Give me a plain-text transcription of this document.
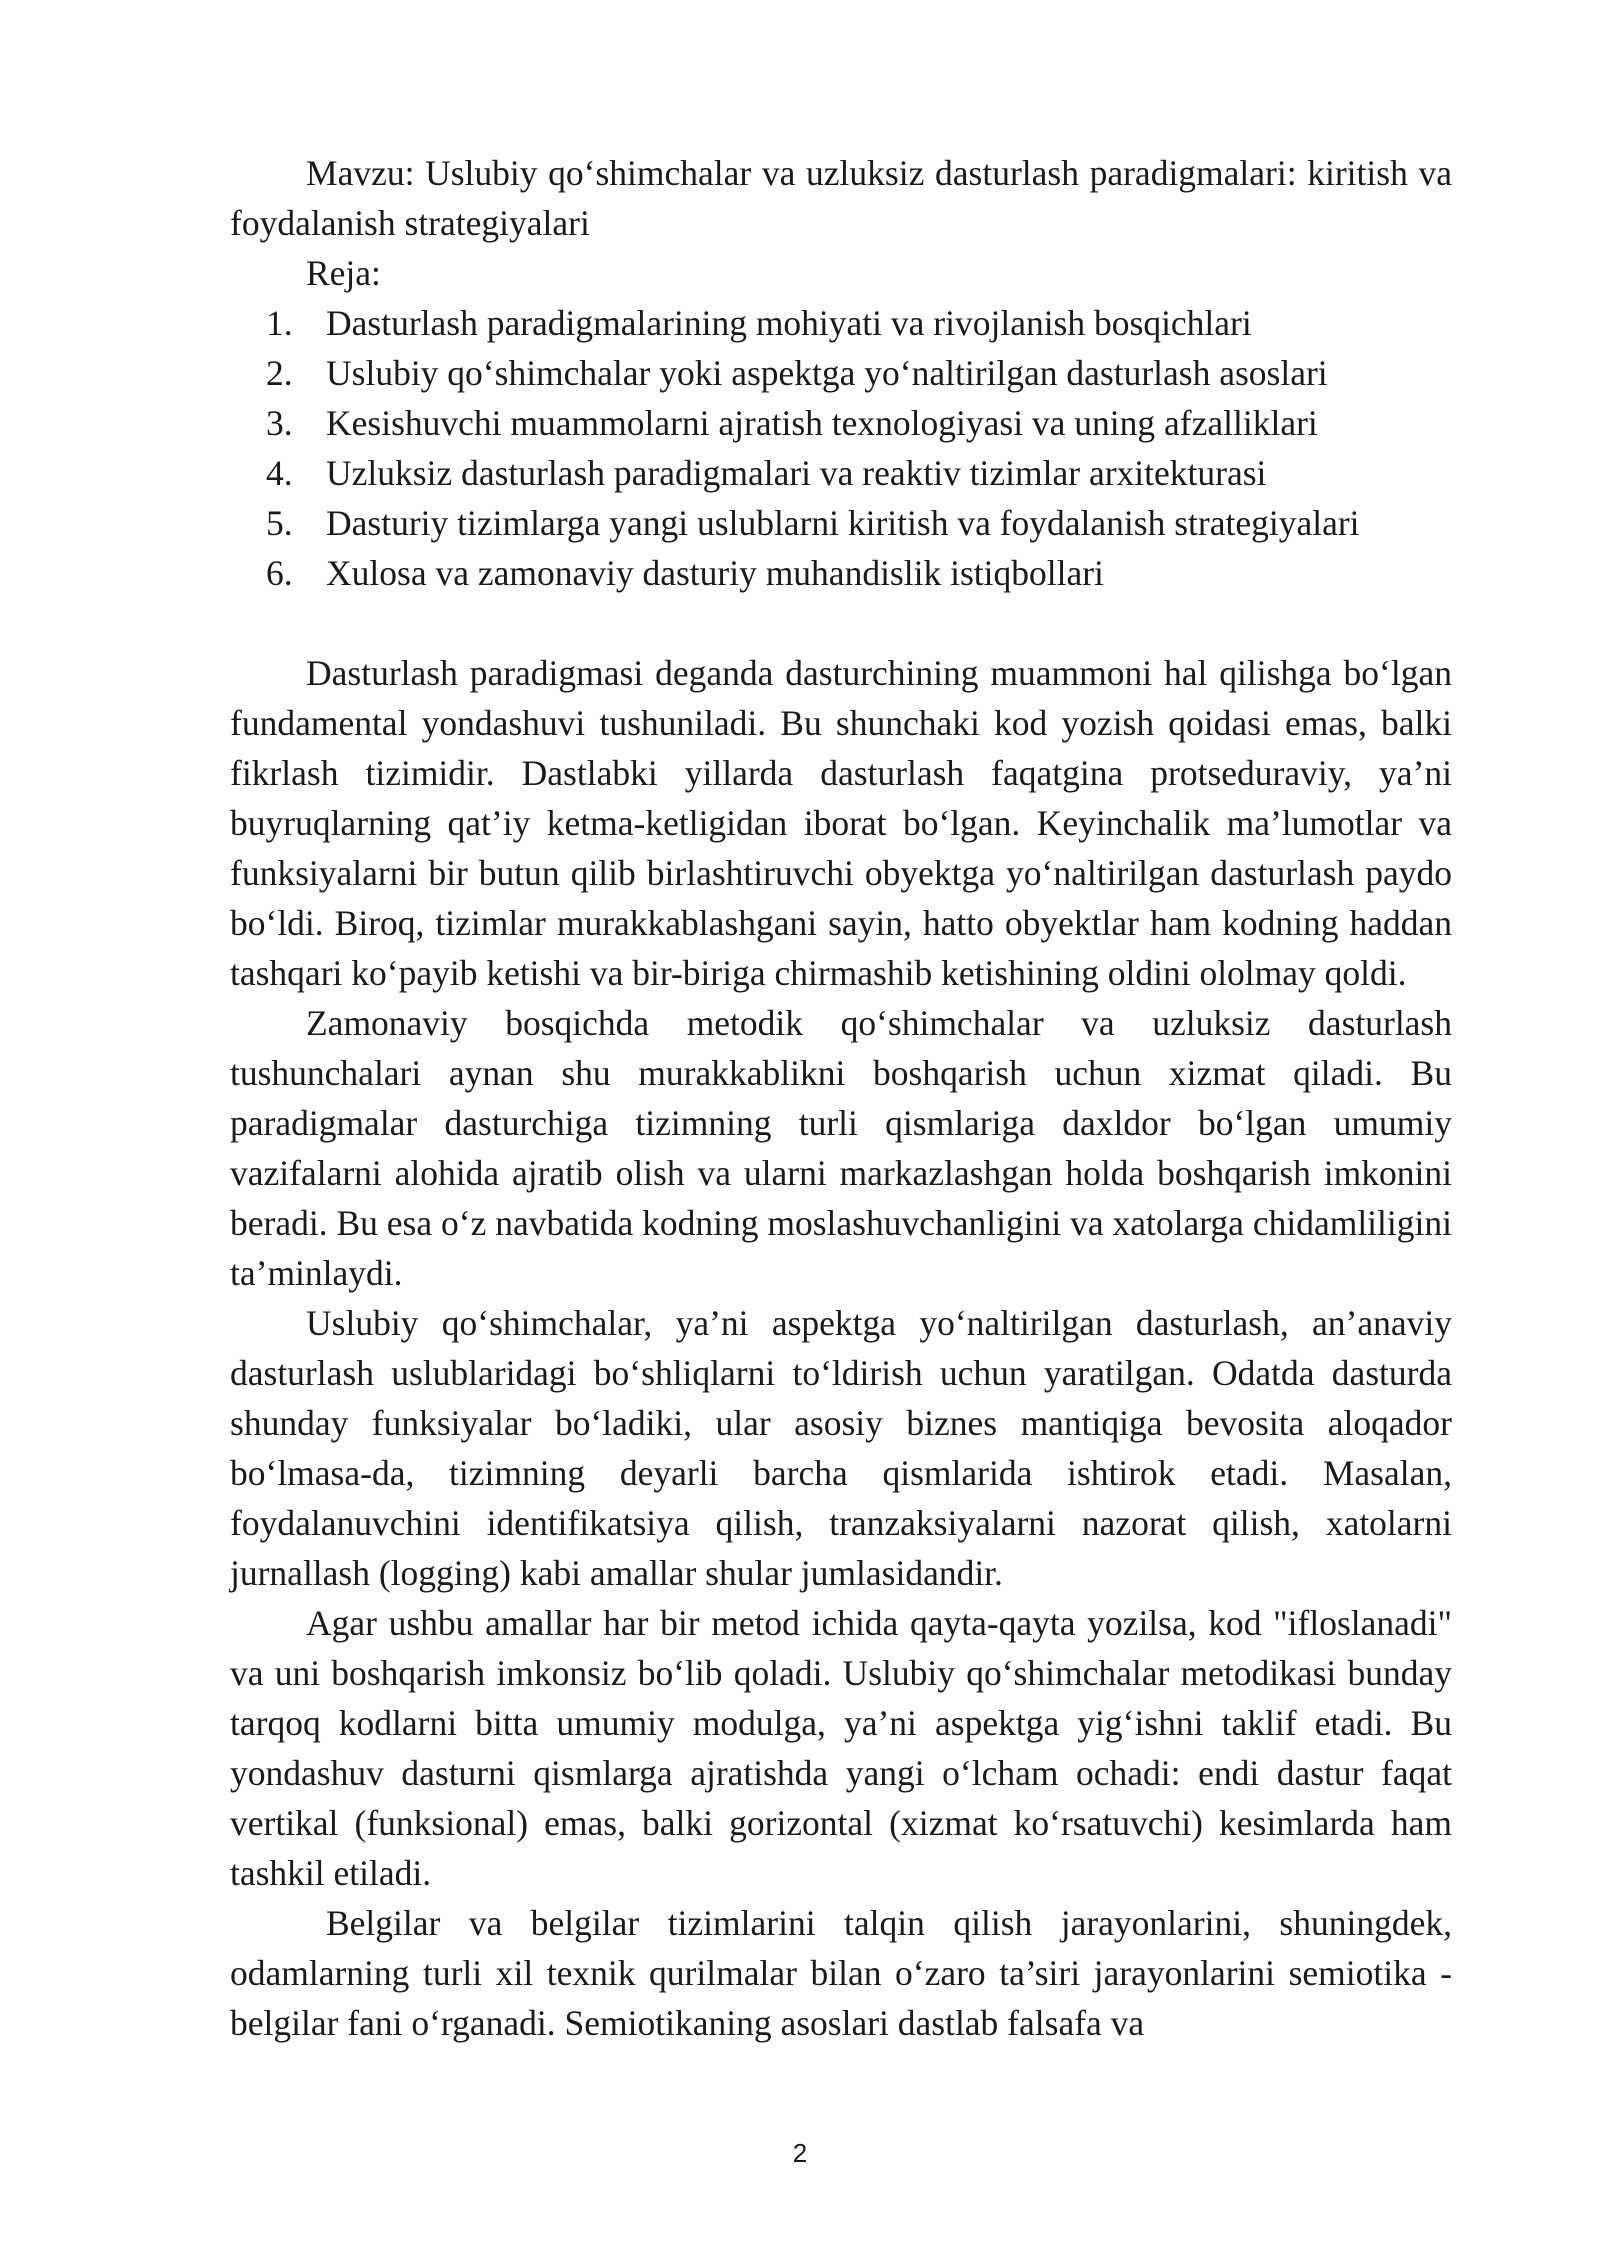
Mavzu: Uslubiy qo‘shimchalar va uzluksiz dasturlash paradigmalari: kiritish va foydalanish strategiyalari

Reja:

1. Dasturlash paradigmalarining mohiyati va rivojlanish bosqichlari
2. Uslubiy qo‘shimchalar yoki aspektga yo‘naltirilgan dasturlash asoslari
3. Kesishuvchi muammolarni ajratish texnologiyasi va uning afzalliklari
4. Uzluksiz dasturlash paradigmalari va reaktiv tizimlar arxitekturasi
5. Dasturiy tizimlarga yangi uslublarni kiritish va foydalanish strategiyalari
6. Xulosa va zamonaviy dasturiy muhandislik istiqbollari

Dasturlash paradigmasi deganda dasturchining muammoni hal qilishga bo‘lgan fundamental yondashuvi tushuniladi. Bu shunchaki kod yozish qoidasi emas, balki fikrlash tizimidir. Dastlabki yillarda dasturlash faqatgina protseduraviy, ya’ni buyruqlarning qat’iy ketma-ketligidan iborat bo‘lgan. Keyinchalik ma’lumotlar va funksiyalarni bir butun qilib birlashtiruvchi obyektga yo‘naltirilgan dasturlash paydo bo‘ldi. Biroq, tizimlar murakkablashgani sayin, hatto obyektlar ham kodning haddan tashqari ko‘payib ketishi va bir-biriga chirmashib ketishining oldini ololmay qoldi.

Zamonaviy bosqichda metodik qo‘shimchalar va uzluksiz dasturlash tushunchalari aynan shu murakkablikni boshqarish uchun xizmat qiladi. Bu paradigmalar dasturchiga tizimning turli qismlariga daxldor bo‘lgan umumiy vazifalarni alohida ajratib olish va ularni markazlashgan holda boshqarish imkonini beradi. Bu esa o‘z navbatida kodning moslashuvchanligini va xatolarga chidamliligini ta’minlaydi.

Uslubiy qo‘shimchalar, ya’ni aspektga yo‘naltirilgan dasturlash, an’anaviy dasturlash uslublaridagi bo‘shliqlarni to‘ldirish uchun yaratilgan. Odatda dasturda shunday funksiyalar bo‘ladiki, ular asosiy biznes mantiqiga bevosita aloqador bo‘lmasa-da, tizimning deyarli barcha qismlarida ishtirok etadi. Masalan, foydalanuvchini identifikatsiya qilish, tranzaksiyalarni nazorat qilish, xatolarni jurnallash (logging) kabi amallar shular jumlasidandir.

Agar ushbu amallar har bir metod ichida qayta-qayta yozilsa, kod "ifloslanadi" va uni boshqarish imkonsiz bo‘lib qoladi. Uslubiy qo‘shimchalar metodikasi bunday tarqoq kodlarni bitta umumiy modulga, ya’ni aspektga yig‘ishni taklif etadi. Bu yondashuv dasturni qismlarga ajratishda yangi o‘lcham ochadi: endi dastur faqat vertikal (funksional) emas, balki gorizontal (xizmat ko‘rsatuvchi) kesimlarda ham tashkil etiladi.

Belgilar va belgilar tizimlarini talqin qilish jarayonlarini, shuningdek, odamlarning turli xil texnik qurilmalar bilan o‘zaro ta’siri jarayonlarini semiotika - belgilar fani o‘rganadi. Semiotikaning asoslari dastlab falsafa va

2
